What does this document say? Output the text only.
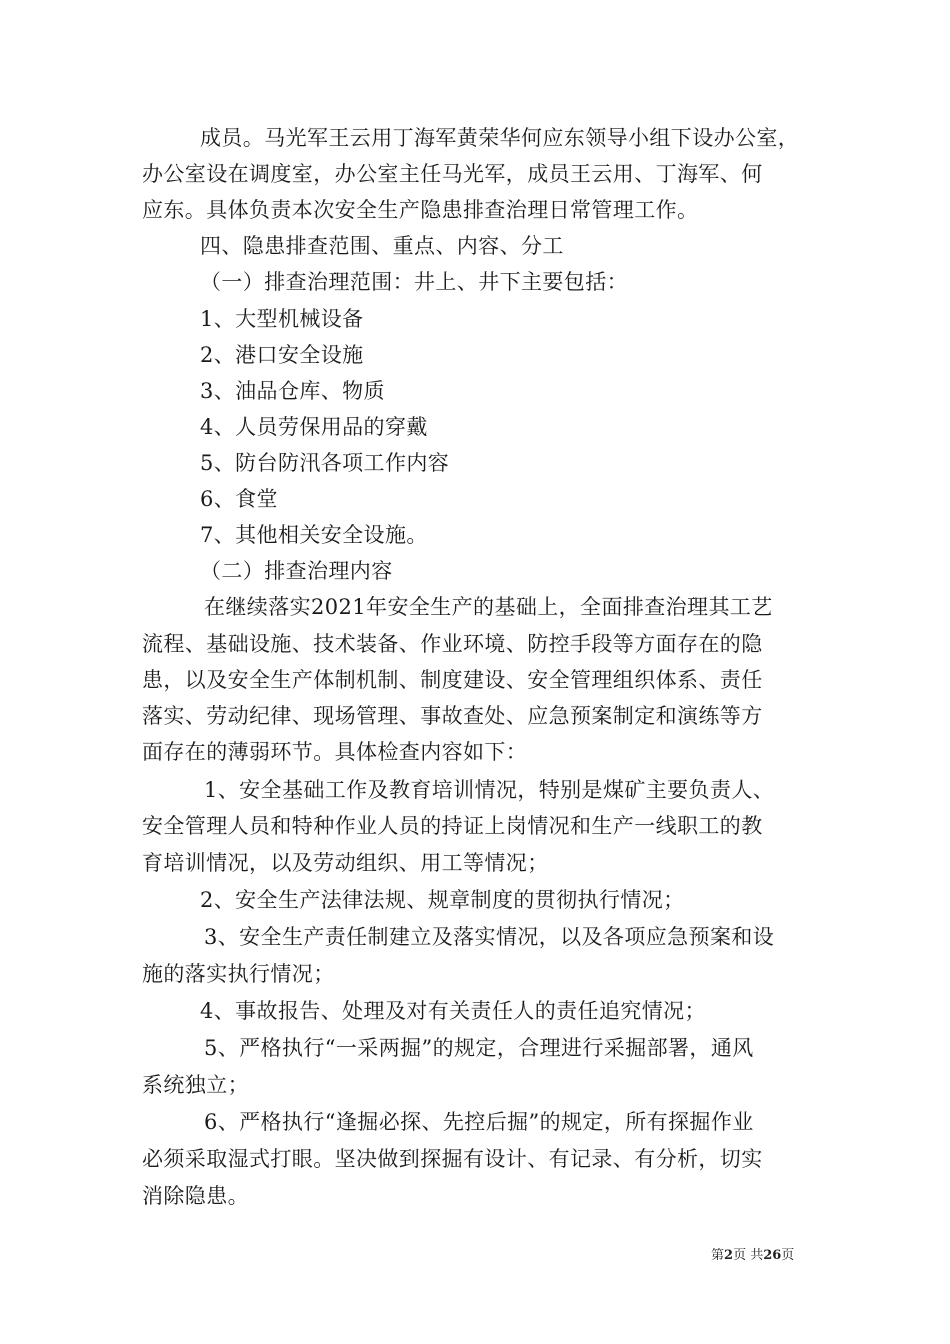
成员。马光军王云用丁海军黄荣华何应东领导小组下设办公室，
办公室设在调度室，办公室主任马光军，成员王云用、丁海军、何
应东。具体负责本次安全生产隐患排查治理日常管理工作。
四、隐患排查范围、重点、内容、分工
（一）排查治理范围：井上、井下主要包括：
1、大型机械设备
2、港口安全设施
3、油品仓库、物质
4、人员劳保用品的穿戴
5、防台防汛各项工作内容
6、食堂
7、其他相关安全设施。
（二）排查治理内容
在继续落实2021年安全生产的基础上，全面排查治理其工艺
流程、基础设施、技术装备、作业环境、防控手段等方面存在的隐
患，以及安全生产体制机制、制度建设、安全管理组织体系、责任
落实、劳动纪律、现场管理、事故查处、应急预案制定和演练等方
面存在的薄弱环节。具体检查内容如下：
1、安全基础工作及教育培训情况，特别是煤矿主要负责人、
安全管理人员和特种作业人员的持证上岗情况和生产一线职工的教
育培训情况，以及劳动组织、用工等情况；
2、安全生产法律法规、规章制度的贯彻执行情况；
3、安全生产责任制建立及落实情况，以及各项应急预案和设
施的落实执行情况；
4、事故报告、处理及对有关责任人的责任追究情况；
5、严格执行“一采两掘”的规定，合理进行采掘部署，通风
系统独立；
6、严格执行“逢掘必探、先控后掘”的规定，所有探掘作业
必须采取湿式打眼。坚决做到探掘有设计、有记录、有分析，切实
消除隐患。
第2页 共26页
